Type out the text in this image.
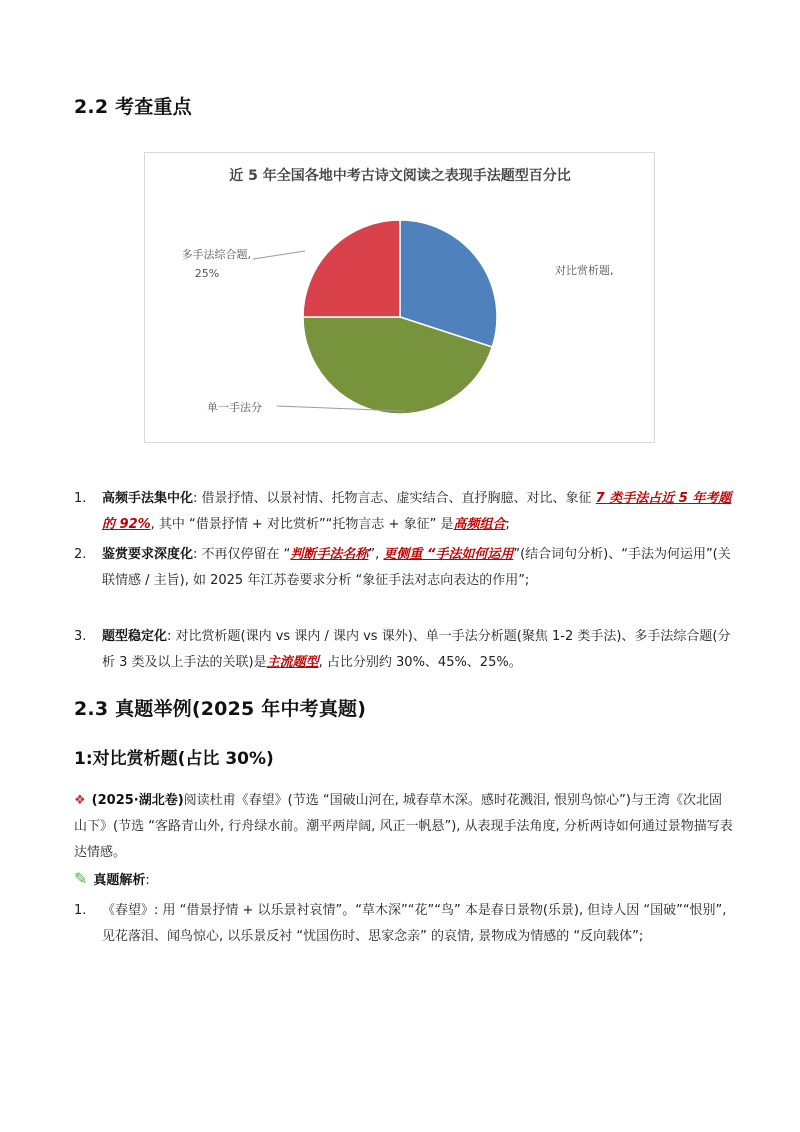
2.2 考查重点
近 5 年全国各地中考古诗文阅读之表现手法题型百分比
对比赏析题,
单一手法分
多手法综合题,
25%
1. 高频手法集中化: 借景抒情、以景衬情、托物言志、虚实结合、直抒胸臆、对比、象征 7 类手法占近 5 年考题的 92%, 其中 “借景抒情 + 对比赏析”“托物言志 + 象征” 是高频组合;
2. 鉴赏要求深度化: 不再仅停留在 “判断手法名称”, 更侧重 “手法如何运用”(结合词句分析)、“手法为何运用”(关联情感 / 主旨), 如 2025 年江苏卷要求分析 “象征手法对志向表达的作用”;
3. 题型稳定化: 对比赏析题(课内 vs 课内 / 课内 vs 课外)、单一手法分析题(聚焦 1-2 类手法)、多手法综合题(分析 3 类及以上手法的关联)是主流题型, 占比分别约 30%、45%、25%。
2.3 真题举例(2025 年中考真题)
1:对比赏析题(占比 30%)
❖ (2025·湖北卷)阅读杜甫《春望》(节选 “国破山河在, 城春草木深。感时花溅泪, 恨别鸟惊心”)与王湾《次北固山下》(节选 “客路青山外, 行舟绿水前。潮平两岸阔, 风正一帆悬”), 从表现手法角度, 分析两诗如何通过景物描写表达情感。
✎ 真题解析:
1. 《春望》: 用 “借景抒情 + 以乐景衬哀情”。“草木深”“花”“鸟” 本是春日景物(乐景), 但诗人因 “国破”“恨别”, 见花落泪、闻鸟惊心, 以乐景反衬 “忧国伤时、思家念亲” 的哀情, 景物成为情感的 “反向载体”;
